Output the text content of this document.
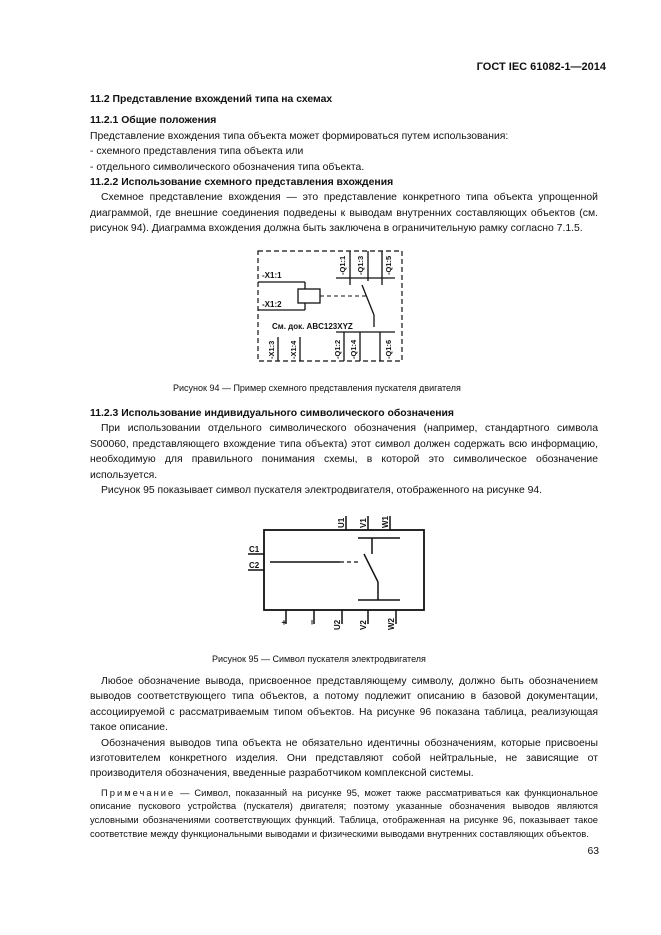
ГОСТ IEC 61082-1—2014
11.2 Представление вхождений типа на схемах
11.2.1 Общие положения
Представление вхождения типа объекта может формироваться путем использования:
- схемного представления типа объекта или
- отдельного символического обозначения типа объекта.
11.2.2 Использование схемного представления вхождения
Схемное представление вхождения — это представление конкретного типа объекта упрощенной диаграммой, где внешние соединения подведены к выводам внутренних составляющих объектов (см. рисунок 94). Диаграмма вхождения должна быть заключена в ограничительную рамку согласно 7.1.5.
-X1:1
-X1:2
См. док. ABC123XYZ
-Q1:1 -Q1:3	-Q1:5
-X1:3 -X1:4	-Q1:2 -Q1:4	-Q1:6
Рисунок 94 — Пример схемного представления пускателя двигателя
11.2.3 Использование индивидуального символического обозначения
При использовании отдельного символического обозначения (например, стандартного символа S00060, представляющего вхождение типа объекта) этот символ должен содержать всю информацию, необходимую для правильного понимания схемы, в которой это символическое обозначение используется.
Рисунок 95 показывает символ пускателя электродвигателя, отображенного на рисунке 94.
U1 V1 W1
C1
C2
+ − U2 V2 W2
Рисунок 95 — Символ пускателя электродвигателя
Любое обозначение вывода, присвоенное представляющему символу, должно быть обозначением выводов соответствующего типа объектов, а потому подлежит описанию в базовой документации, ассоциируемой с рассматриваемым типом объектов. На рисунке 96 показана таблица, реализующая такое описание.
Обозначения выводов типа объекта не обязательно идентичны обозначениям, которые присвоены изготовителем конкретного изделия. Они представляют собой нейтральные, не зависящие от производителя обозначения, введенные разработчиком комплексной системы.
Примечание — Символ, показанный на рисунке 95, может также рассматриваться как функциональное описание пускового устройства (пускателя) двигателя; поэтому указанные обозначения выводов являются условными обозначениями соответствующих функций. Таблица, отображенная на рисунке 96, показывает такое соответствие между функциональными выводами и физическими выводами внутренних составляющих объектов.
63
